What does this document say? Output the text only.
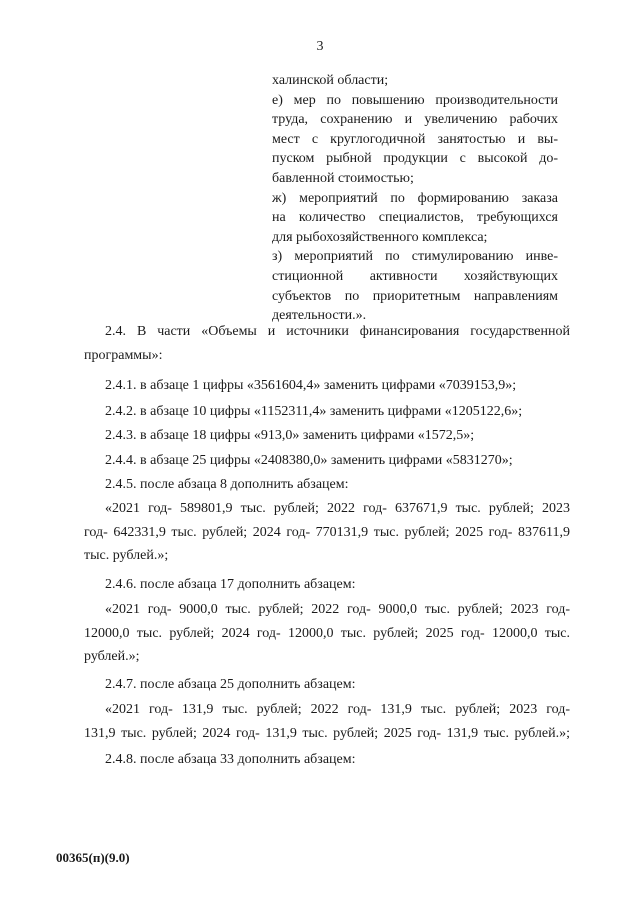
3
халинской области;
е) мер по повышению производительности
труда, сохранению и увеличению рабочих
мест с круглогодичной занятостью и вы-
пуском рыбной продукции с высокой до-
бавленной стоимостью;
ж) мероприятий по формированию заказа
на количество специалистов, требующихся
для рыбохозяйственного комплекса;
з) мероприятий по стимулированию инве-
стиционной активности хозяйствующих
субъектов по приоритетным направлениям
деятельности.».
2.4. В части «Объемы и источники финансирования государственной
программы»:
2.4.1. в абзаце 1 цифры «3561604,4» заменить цифрами «7039153,9»;
2.4.2. в абзаце 10 цифры «1152311,4» заменить цифрами «1205122,6»;
2.4.3. в абзаце 18 цифры «913,0» заменить цифрами «1572,5»;
2.4.4. в абзаце 25 цифры «2408380,0» заменить цифрами «5831270»;
2.4.5. после абзаца 8 дополнить абзацем:
«2021 год- 589801,9 тыс. рублей; 2022 год- 637671,9 тыс. рублей; 2023
год- 642331,9 тыс. рублей; 2024 год- 770131,9 тыс. рублей; 2025 год- 837611,9
тыс. рублей.»;
2.4.6. после абзаца 17 дополнить абзацем:
«2021 год- 9000,0 тыс. рублей; 2022 год- 9000,0 тыс. рублей; 2023 год-
12000,0 тыс. рублей; 2024 год- 12000,0 тыс. рублей; 2025 год- 12000,0 тыс.
рублей.»;
2.4.7. после абзаца 25 дополнить абзацем:
«2021 год- 131,9 тыс. рублей; 2022 год- 131,9 тыс. рублей; 2023 год-
131,9 тыс. рублей; 2024 год- 131,9 тыс. рублей; 2025 год- 131,9 тыс. рублей.»;
2.4.8. после абзаца 33 дополнить абзацем:
00365(п)(9.0)
